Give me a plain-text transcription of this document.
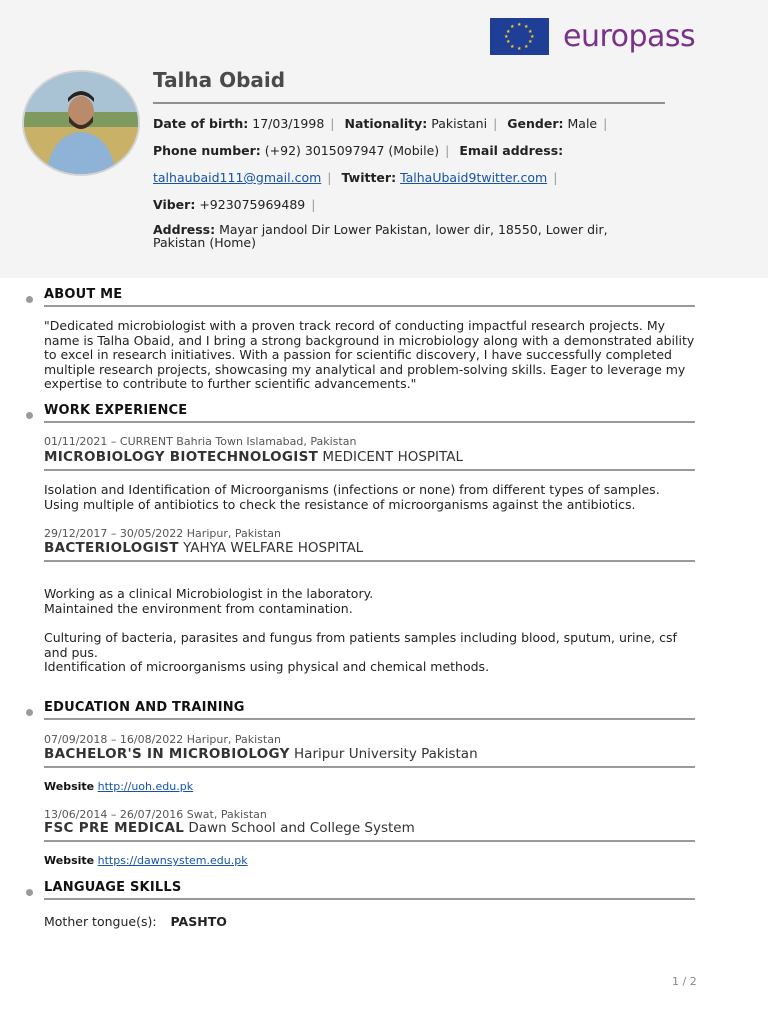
★ ★
★
★
★
★
★
★
★
★
★
★ europass
Talha Obaid
Date of birth: 17/03/1998 | Nationality: Pakistani | Gender: Male |
Phone number: (+92) 3015097947 (Mobile) | Email address:
talhaubaid111@gmail.com | Twitter: TalhaUbaid9twitter.com |
Viber: +923075969489 |
Address: Mayar jandool Dir Lower Pakistan, lower dir, 18550, Lower dir, Pakistan (Home)
ABOUT ME
"Dedicated microbiologist with a proven track record of conducting impactful research projects. My name is Talha Obaid, and I bring a strong background in microbiology along with a demonstrated ability to excel in research initiatives. With a passion for scientific discovery, I have successfully completed multiple research projects, showcasing my analytical and problem-solving skills. Eager to leverage my expertise to contribute to further scientific advancements."
WORK EXPERIENCE
01/11/2021 – CURRENT Bahria Town Islamabad, Pakistan
MICROBIOLOGY BIOTECHNOLOGIST MEDICENT HOSPITAL
Isolation and Identification of Microorganisms (infections or none) from different types of samples.
Using multiple of antibiotics to check the resistance of microorganisms against the antibiotics.
29/12/2017 – 30/05/2022 Haripur, Pakistan
BACTERIOLOGIST YAHYA WELFARE HOSPITAL
Working as a clinical Microbiologist in the laboratory.
Maintained the environment from contamination.
Culturing of bacteria, parasites and fungus from patients samples including blood, sputum, urine, csf and pus.
Identification of microorganisms using physical and chemical methods.
EDUCATION AND TRAINING
07/09/2018 – 16/08/2022 Haripur, Pakistan
BACHELOR'S IN MICROBIOLOGY Haripur University Pakistan
Website http://uoh.edu.pk
13/06/2014 – 26/07/2016 Swat, Pakistan
FSC PRE MEDICAL Dawn School and College System
Website https://dawnsystem.edu.pk
LANGUAGE SKILLS
Mother tongue(s): PASHTO
1 / 2
